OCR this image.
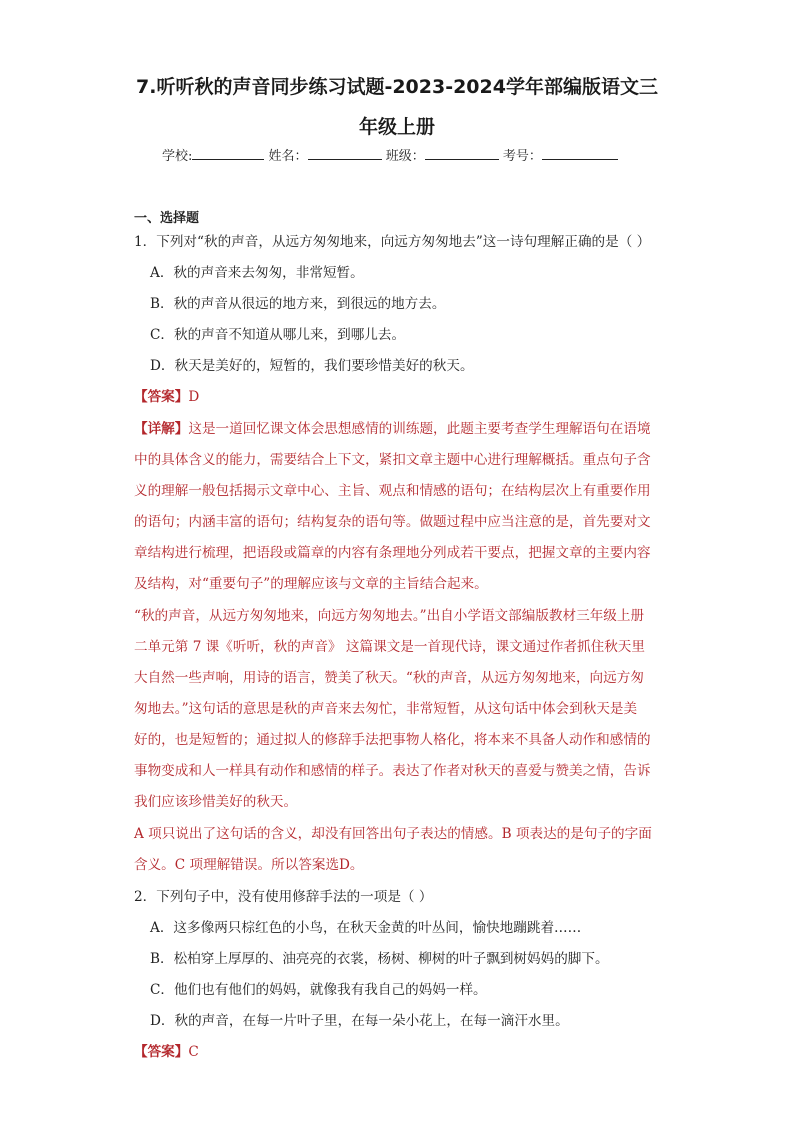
7.听听秋的声音同步练习试题-2023-2024学年部编版语文三
年级上册
学校:	姓名：	班级：	考号：
一、选择题
1．下列对“秋的声音，从远方匆匆地来，向远方匆匆地去”这一诗句理解正确的是（ ）
A．秋的声音来去匆匆，非常短暂。
B．秋的声音从很远的地方来，到很远的地方去。
C．秋的声音不知道从哪儿来，到哪儿去。
D．秋天是美好的，短暂的，我们要珍惜美好的秋天。
【答案】D
【详解】这是一道回忆课文体会思想感情的训练题，此题主要考查学生理解语句在语境
中的具体含义的能力，需要结合上下文，紧扣文章主题中心进行理解概括。重点句子含
义的理解一般包括揭示文章中心、主旨、观点和情感的语句；在结构层次上有重要作用
的语句；内涵丰富的语句；结构复杂的语句等。做题过程中应当注意的是，首先要对文
章结构进行梳理，把语段或篇章的内容有条理地分列成若干要点，把握文章的主要内容
及结构，对“重要句子”的理解应该与文章的主旨结合起来。
“秋的声音，从远方匆匆地来，向远方匆匆地去。”出自小学语文部编版教材三年级上册
二单元第 7 课《听听，秋的声音》 这篇课文是一首现代诗，课文通过作者抓住秋天里
大自然一些声响，用诗的语言，赞美了秋天。“秋的声音，从远方匆匆地来，向远方匆
匆地去。”这句话的意思是秋的声音来去匆忙，非常短暂，从这句话中体会到秋天是美
好的，也是短暂的；通过拟人的修辞手法把事物人格化，将本来不具备人动作和感情的
事物变成和人一样具有动作和感情的样子。表达了作者对秋天的喜爱与赞美之情，告诉
我们应该珍惜美好的秋天。
A 项只说出了这句话的含义，却没有回答出句子表达的情感。B 项表达的是句子的字面
含义。C 项理解错误。所以答案选D。
2．下列句子中，没有使用修辞手法的一项是（ ）
A．这多像两只棕红色的小鸟，在秋天金黄的叶丛间，愉快地蹦跳着……
B．松柏穿上厚厚的、油亮亮的衣裳，杨树、柳树的叶子飘到树妈妈的脚下。
C．他们也有他们的妈妈，就像我有我自己的妈妈一样。
D．秋的声音，在每一片叶子里，在每一朵小花上，在每一滴汗水里。
【答案】C
